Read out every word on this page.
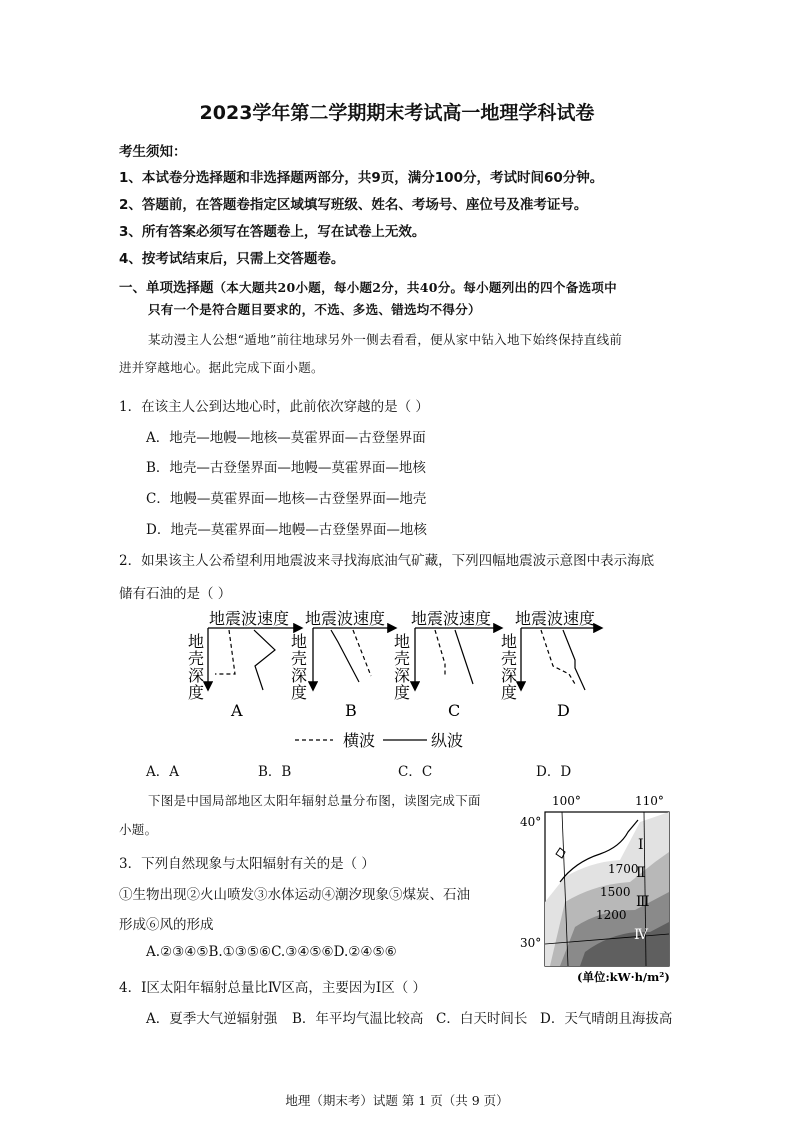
2023学年第二学期期末考试高一地理学科试卷
考生须知：
1、本试卷分选择题和非选择题两部分，共9页，满分100分，考试时间60分钟。
2、答题前，在答题卷指定区域填写班级、姓名、考场号、座位号及准考证号。
3、所有答案必须写在答题卷上，写在试卷上无效。
4、按考试结束后，只需上交答题卷。
一、单项选择题（本大题共20小题，每小题2分，共40分。每小题列出的四个备选项中
只有一个是符合题目要求的，不选、多选、错选均不得分）
某动漫主人公想“遁地”前往地球另外一侧去看看，便从家中钻入地下始终保持直线前
进并穿越地心。据此完成下面小题。
1．在该主人公到达地心时，此前依次穿越的是（ ）
A．地壳—地幔—地核—莫霍界面—古登堡界面
B．地壳—古登堡界面—地幔—莫霍界面—地核
C．地幔—莫霍界面—地核—古登堡界面—地壳
D．地壳—莫霍界面—地幔—古登堡界面—地核
2．如果该主人公希望利用地震波来寻找海底油气矿藏，下列四幅地震波示意图中表示海底
储有石油的是（ ）
地震波速度
地
壳
深
度
A
地震波速度
地
壳
深
度
B
地震波速度
地
壳
深
度
C
地震波速度
地
壳
深
度
D
横波	纵波
A．A	B．B	C．C	D．D
下图是中国局部地区太阳年辐射总量分布图，读图完成下面
小题。
100°	110°
40°
30°
1700
1500
1200
Ⅰ
Ⅱ
Ⅲ
Ⅳ
(单位:kW·h/m²)
3．下列自然现象与太阳辐射有关的是（ ）
①生物出现②火山喷发③水体运动④潮汐现象⑤煤炭、石油
形成⑥风的形成
A.②③④⑤B.①③⑤⑥C.③④⑤⑥D.②④⑤⑥
4．Ⅰ区太阳年辐射总量比Ⅳ区高，主要因为Ⅰ区（ ）
A．夏季大气逆辐射强 B．年平均气温比较高 C．白天时间长 D．天气晴朗且海拔高
地理（期末考）试题 第 1 页（共 9 页）
